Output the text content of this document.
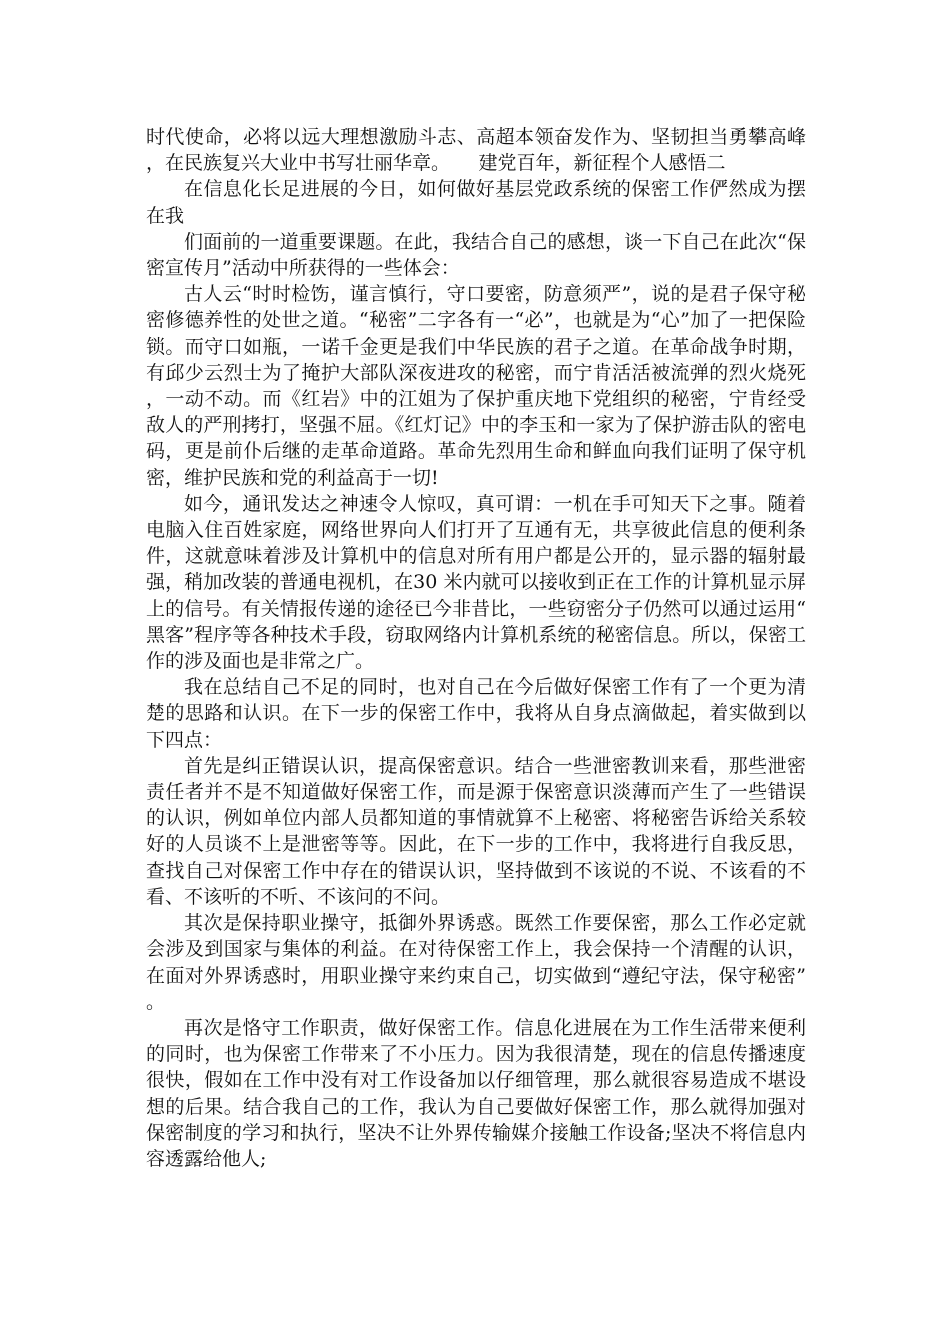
时代使命，必将以远大理想激励斗志、高超本领奋发作为、坚韧担当勇攀高峰，在民族复兴大业中书写壮丽华章。　　建党百年，新征程个人感悟二

在信息化长足进展的今日，如何做好基层党政系统的保密工作俨然成为摆在我

们面前的一道重要课题。在此，我结合自己的感想，谈一下自己在此次“保密宣传月”活动中所获得的一些体会：

古人云“时时检饬，谨言慎行，守口要密，防意须严”，说的是君子保守秘密修德养性的处世之道。“秘密”二字各有一“必”，也就是为“心”加了一把保险锁。而守口如瓶，一诺千金更是我们中华民族的君子之道。在革命战争时期，有邱少云烈士为了掩护大部队深夜进攻的秘密，而宁肯活活被流弹的烈火烧死，一动不动。而《红岩》中的江姐为了保护重庆地下党组织的秘密，宁肯经受敌人的严刑拷打，坚强不屈。《红灯记》中的李玉和一家为了保护游击队的密电码，更是前仆后继的走革命道路。革命先烈用生命和鲜血向我们证明了保守机密，维护民族和党的利益高于一切!

如今，通讯发达之神速令人惊叹，真可谓：一机在手可知天下之事。随着电脑入住百姓家庭，网络世界向人们打开了互通有无，共享彼此信息的便利条件，这就意味着涉及计算机中的信息对所有用户都是公开的，显示器的辐射最强，稍加改装的普通电视机，在30 米内就可以接收到正在工作的计算机显示屏上的信号。有关情报传递的途径已今非昔比，一些窃密分子仍然可以通过运用“黑客”程序等各种技术手段，窃取网络内计算机系统的秘密信息。所以，保密工作的涉及面也是非常之广。

我在总结自己不足的同时，也对自己在今后做好保密工作有了一个更为清楚的思路和认识。在下一步的保密工作中，我将从自身点滴做起，着实做到以下四点：

首先是纠正错误认识，提高保密意识。结合一些泄密教训来看，那些泄密责任者并不是不知道做好保密工作，而是源于保密意识淡薄而产生了一些错误的认识，例如单位内部人员都知道的事情就算不上秘密、将秘密告诉给关系较好的人员谈不上是泄密等等。因此，在下一步的工作中，我将进行自我反思，查找自己对保密工作中存在的错误认识，坚持做到不该说的不说、不该看的不看、不该听的不听、不该问的不问。

其次是保持职业操守，抵御外界诱惑。既然工作要保密，那么工作必定就会涉及到国家与集体的利益。在对待保密工作上，我会保持一个清醒的认识，在面对外界诱惑时，用职业操守来约束自己，切实做到“遵纪守法，保守秘密”。

再次是恪守工作职责，做好保密工作。信息化进展在为工作生活带来便利的同时，也为保密工作带来了不小压力。因为我很清楚，现在的信息传播速度很快，假如在工作中没有对工作设备加以仔细管理，那么就很容易造成不堪设想的后果。结合我自己的工作，我认为自己要做好保密工作，那么就得加强对保密制度的学习和执行，坚决不让外界传输媒介接触工作设备;坚决不将信息内容透露给他人;
